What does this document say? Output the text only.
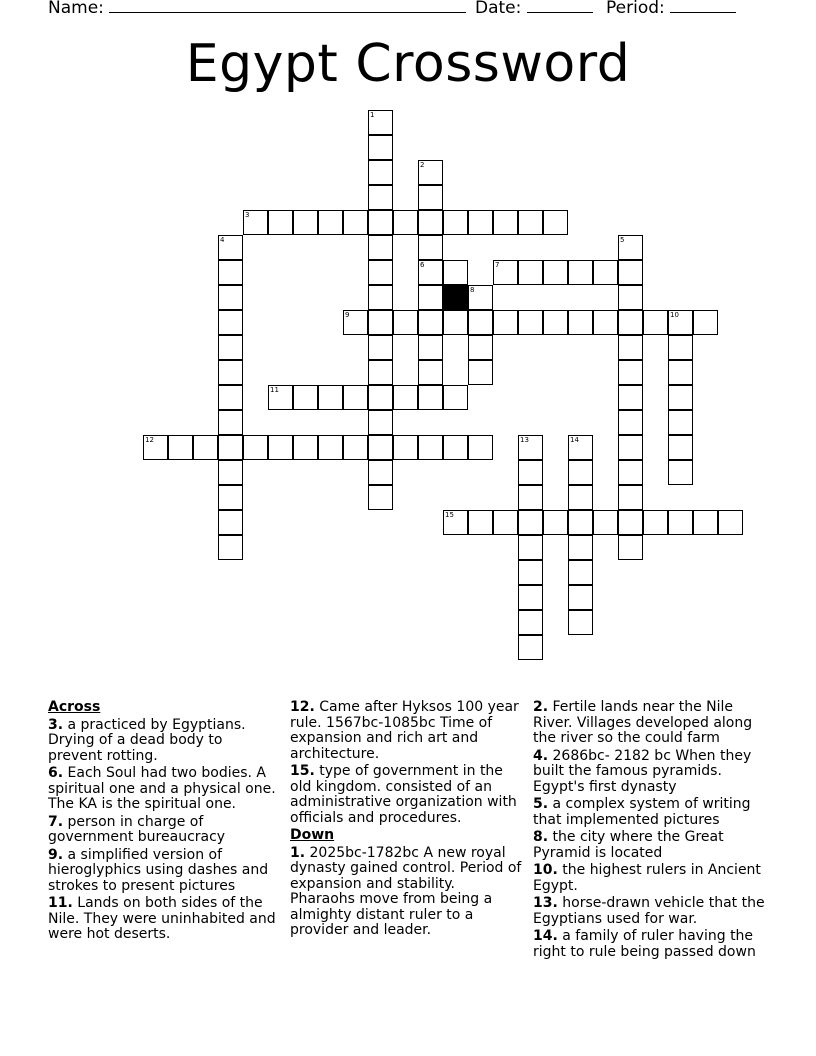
Name:	Date:	Period:
Egypt Crossword
1
2
3
4	5
6	7
8
9	10
11
12	13	14
15
Across
3. a practiced by Egyptians. Drying of a dead body to prevent rotting.
6. Each Soul had two bodies. A spiritual one and a physical one. The KA is the spiritual one.
7. person in charge of government bureaucracy
9. a simplified version of hieroglyphics using dashes and strokes to present pictures
11. Lands on both sides of the Nile. They were uninhabited and were hot deserts.
12. Came after Hyksos 100 year rule. 1567bc-1085bc Time of expansion and rich art and architecture.
15. type of government in the old kingdom. consisted of an administrative organization with officials and procedures.
Down
1. 2025bc-1782bc A new royal dynasty gained control. Period of expansion and stability. Pharaohs move from being a almighty distant ruler to a provider and leader.
2. Fertile lands near the Nile River. Villages developed along the river so the could farm
4. 2686bc- 2182 bc When they built the famous pyramids. Egypt's first dynasty
5. a complex system of writing that implemented pictures
8. the city where the Great Pyramid is located
10. the highest rulers in Ancient Egypt.
13. horse-drawn vehicle that the Egyptians used for war.
14. a family of ruler having the right to rule being passed down
